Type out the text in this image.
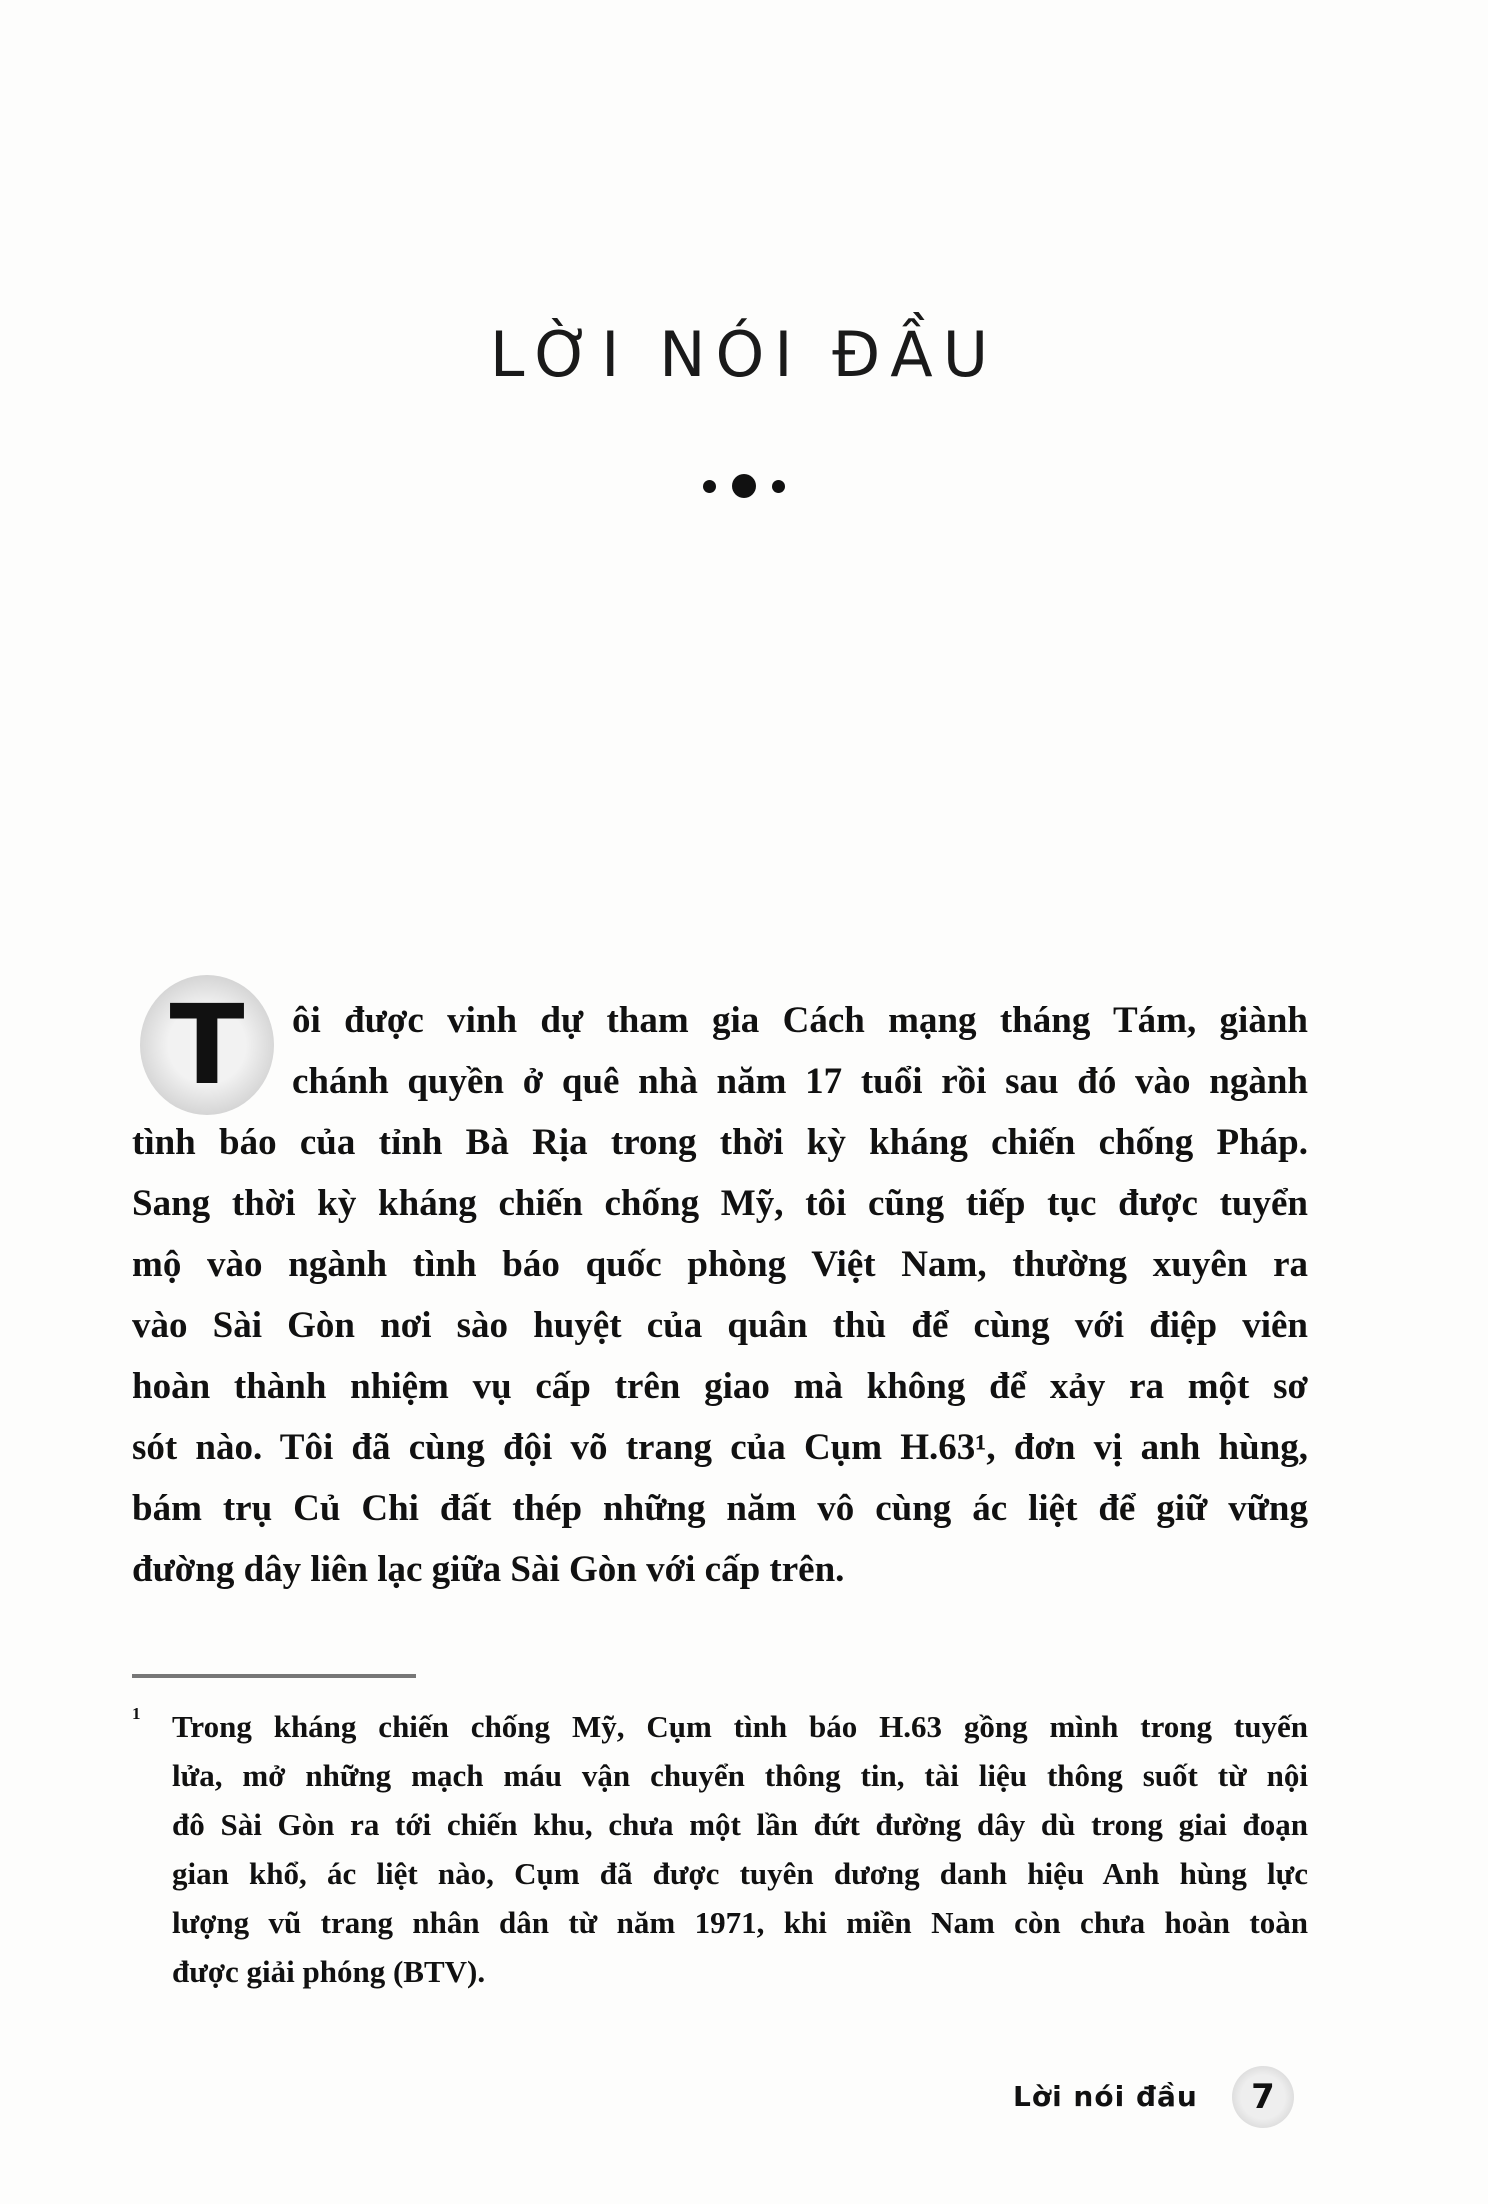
LỜI NÓI ĐẦU
T	ôi được vinh dự tham gia Cách mạng tháng Tám, giành
chánh quyền ở quê nhà năm 17 tuổi rồi sau đó vào ngành
tình báo của tỉnh Bà Rịa trong thời kỳ kháng chiến chống Pháp.
Sang thời kỳ kháng chiến chống Mỹ, tôi cũng tiếp tục được tuyển
mộ vào ngành tình báo quốc phòng Việt Nam, thường xuyên ra
vào Sài Gòn nơi sào huyệt của quân thù để cùng với điệp viên
hoàn thành nhiệm vụ cấp trên giao mà không để xảy ra một sơ
sót nào. Tôi đã cùng đội võ trang của Cụm H.63¹, đơn vị anh hùng,
bám trụ Củ Chi đất thép những năm vô cùng ác liệt để giữ vững
đường dây liên lạc giữa Sài Gòn với cấp trên.
1 Trong kháng chiến chống Mỹ, Cụm tình báo H.63 gồng mình trong tuyến
lửa, mở những mạch máu vận chuyển thông tin, tài liệu thông suốt từ nội
đô Sài Gòn ra tới chiến khu, chưa một lần đứt đường dây dù trong giai đoạn
gian khổ, ác liệt nào, Cụm đã được tuyên dương danh hiệu Anh hùng lực
lượng vũ trang nhân dân từ năm 1971, khi miền Nam còn chưa hoàn toàn
được giải phóng (BTV).
Lời nói đầu	7
